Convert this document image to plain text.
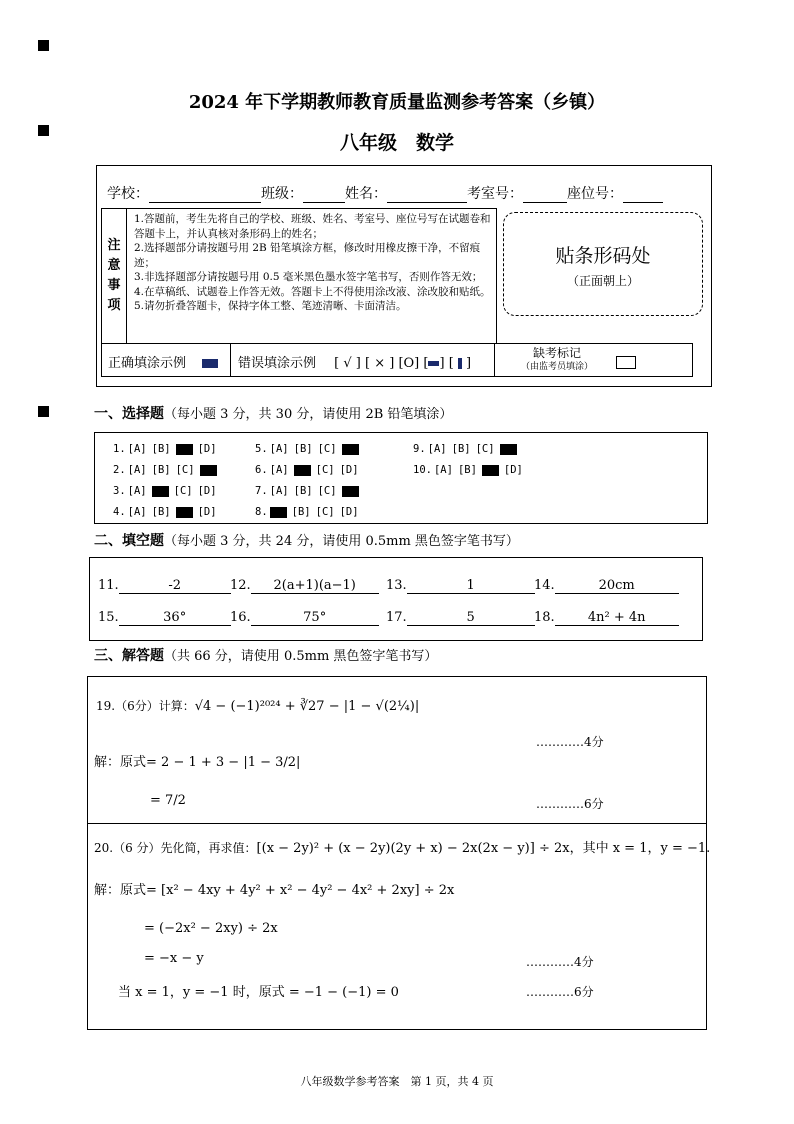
2024 年下学期教师教育质量监测参考答案（乡镇）
八年级　数学
学校：	班级：	姓名：	考室号：	座位号：
注
意
事
项
1.答题前，考生先将自己的学校、班级、姓名、考室号、座位号写在试题卷和答题卡上，并认真核对条形码上的姓名；
2.选择题部分请按题号用 2B 铅笔填涂方框，修改时用橡皮擦干净，不留痕迹；
3.非选择题部分请按题号用 0.5 毫米黑色墨水签字笔书写，否则作答无效；
4.在草稿纸、试题卷上作答无效。答题卡上不得使用涂改液、涂改胶和贴纸。
5.请勿折叠答题卡，保持字体工整、笔迹清晰、卡面清洁。
贴条形码处
（正面朝上）
正确填涂示例	错误填涂示例 [ √ ] [ × ] [O] [ ] [  ]
缺考标记
（由监考员填涂）
一、选择题（每小题 3 分，共 30 分，请使用 2B 铅笔填涂）
1. [A] [B]	[D]
2. [A] [B] [C]
3. [A]	[C] [D]
4. [A] [B]	[D]
5. [A] [B] [C]
6. [A]	[C] [D]
7. [A] [B] [C]
8. [B] [C] [D]
9. [A] [B] [C]
10. [A] [B]	[D]
二、填空题（每小题 3 分，共 24 分，请使用 0.5mm 黑色签字笔书写）
11.	-2	12. 2(a+1)(a−1)	13.	1	14.	20cm
15.	36°	16.	75°	17.	5	18.	4n² + 4n
三、解答题（共 66 分，请使用 0.5mm 黑色签字笔书写）
19.（6分）计算：√4 − (−1)²⁰²⁴ + ∛27 − |1 − √(2¼)|
…………4分
解：原式= 2 − 1 + 3 − |1 − 3/2|
= 7/2	…………6分
20.（6 分）先化简，再求值：[(x − 2y)² + (x − 2y)(2y + x) − 2x(2x − y)] ÷ 2x，其中 x = 1，y = −1.
解：原式= [x² − 4xy + 4y² + x² − 4y² − 4x² + 2xy] ÷ 2x
= (−2x² − 2xy) ÷ 2x
= −x − y	…………4分
当 x = 1，y = −1 时，原式 = −1 − (−1) = 0	…………6分
八年级数学参考答案　第 1 页，共 4 页
